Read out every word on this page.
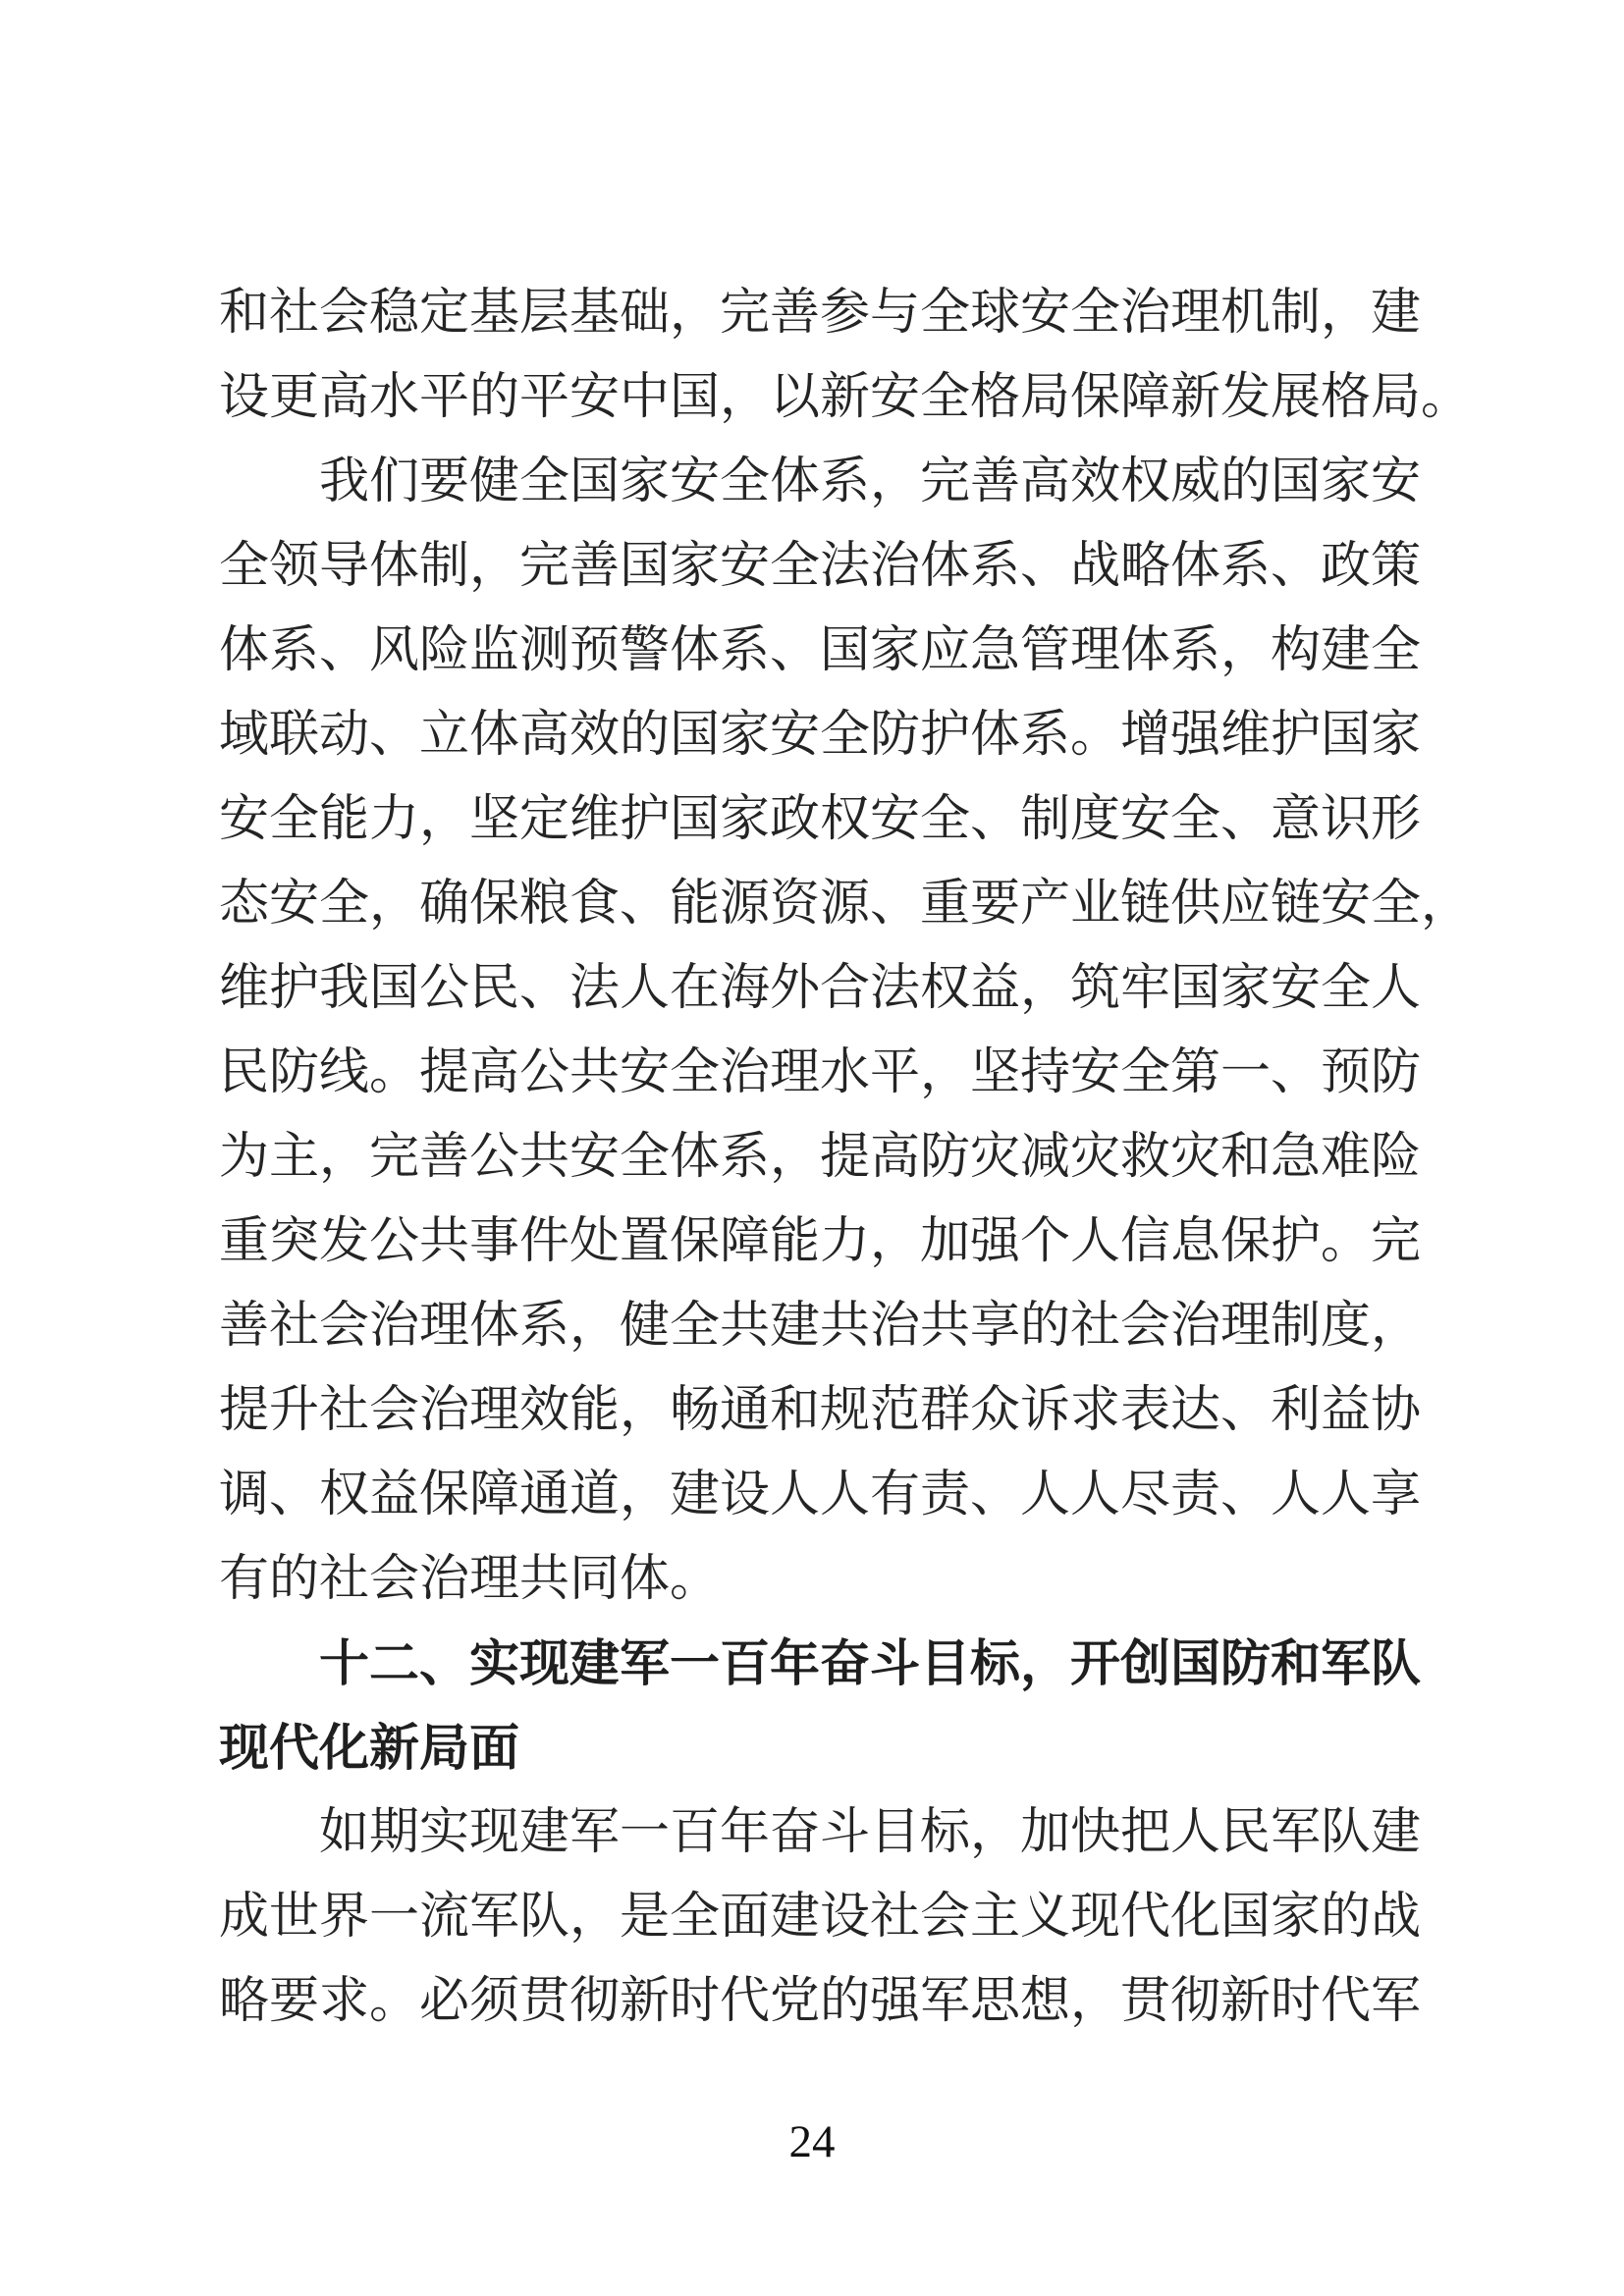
和社会稳定基层基础，完善参与全球安全治理机制，建
设更高水平的平安中国，以新安全格局保障新发展格局。
我们要健全国家安全体系，完善高效权威的国家安
全领导体制，完善国家安全法治体系、战略体系、政策
体系、风险监测预警体系、国家应急管理体系，构建全
域联动、立体高效的国家安全防护体系。增强维护国家
安全能力，坚定维护国家政权安全、制度安全、意识形
态安全，确保粮食、能源资源、重要产业链供应链安全，
维护我国公民、法人在海外合法权益，筑牢国家安全人
民防线。提高公共安全治理水平，坚持安全第一、预防
为主，完善公共安全体系，提高防灾减灾救灾和急难险
重突发公共事件处置保障能力，加强个人信息保护。完
善社会治理体系，健全共建共治共享的社会治理制度，
提升社会治理效能，畅通和规范群众诉求表达、利益协
调、权益保障通道，建设人人有责、人人尽责、人人享
有的社会治理共同体。
十二、实现建军一百年奋斗目标，开创国防和军队
现代化新局面
如期实现建军一百年奋斗目标，加快把人民军队建
成世界一流军队，是全面建设社会主义现代化国家的战
略要求。必须贯彻新时代党的强军思想，贯彻新时代军
24
